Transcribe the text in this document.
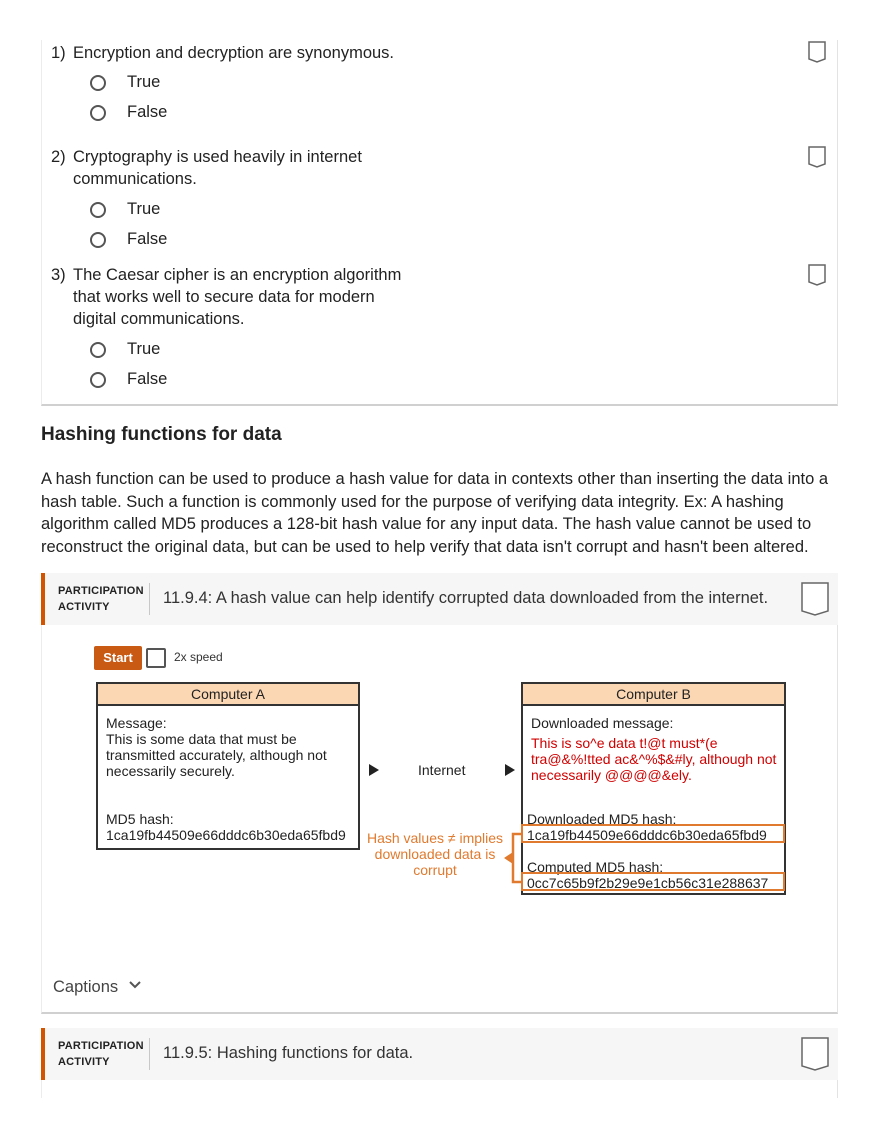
1) Encryption and decryption are synonymous.
True
False
2) Cryptography is used heavily in internet communications.
True
False
3) The Caesar cipher is an encryption algorithm that works well to secure data for modern digital communications.
True
False
Hashing functions for data

A hash function can be used to produce a hash value for data in contexts other than inserting the data into a hash table. Such a function is commonly used for the purpose of verifying data integrity. Ex: A hashing algorithm called MD5 produces a 128-bit hash value for any input data. The hash value cannot be used to reconstruct the original data, but can be used to help verify that data isn't corrupt and hasn't been altered.

PARTICIPATION
ACTIVITY	11.9.4: A hash value can help identify corrupted data downloaded from the internet.
Start	2x speed
Computer A
Message:
This is some data that must be
transmitted accurately, although not
necessarily securely.
MD5 hash:
1ca19fb44509e66dddc6b30eda65fbd9
Internet
Computer B
Downloaded message:
This is so^e data t!@t must*(e
tra@&%!tted ac&^%$&#ly, although not
necessarily @@@@&ely.
Downloaded MD5 hash:
1ca19fb44509e66dddc6b30eda65fbd9
Computed MD5 hash:
0cc7c65b9f2b29e9e1cb56c31e288637
Hash values ≠ implies
downloaded data is
corrupt
Captions
PARTICIPATION
ACTIVITY	11.9.5: Hashing functions for data.
